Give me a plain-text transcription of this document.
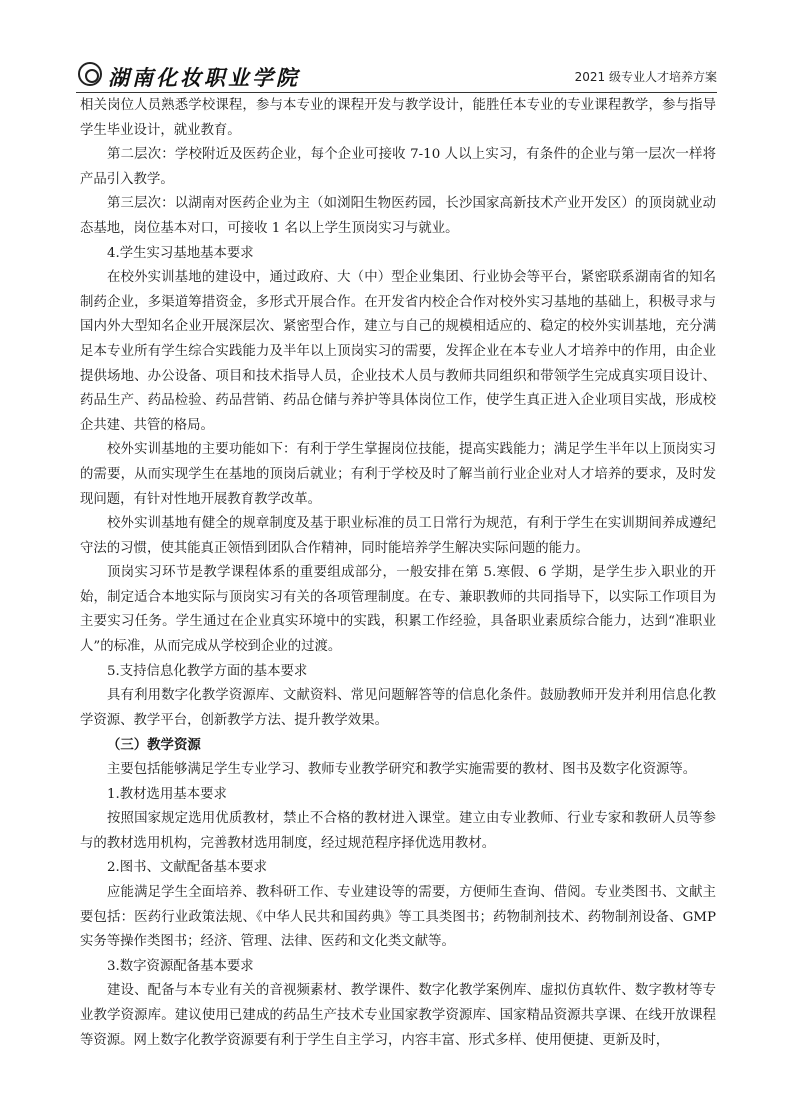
湖南化妆职业学院	2021 级专业人才培养方案

相关岗位人员熟悉学校课程，参与本专业的课程开发与教学设计，能胜任本专业的专业课程教学，参与指导学生毕业设计，就业教育。

第二层次：学校附近及医药企业，每个企业可接收 7-10 人以上实习，有条件的企业与第一层次一样将产品引入教学。

第三层次：以湖南对医药企业为主（如浏阳生物医药园，长沙国家高新技术产业开发区）的顶岗就业动态基地，岗位基本对口，可接收 1 名以上学生顶岗实习与就业。

4.学生实习基地基本要求

在校外实训基地的建设中，通过政府、大（中）型企业集团、行业协会等平台，紧密联系湖南省的知名制药企业，多渠道筹措资金，多形式开展合作。在开发省内校企合作对校外实习基地的基础上，积极寻求与国内外大型知名企业开展深层次、紧密型合作，建立与自己的规模相适应的、稳定的校外实训基地，充分满足本专业所有学生综合实践能力及半年以上顶岗实习的需要，发挥企业在本专业人才培养中的作用，由企业提供场地、办公设备、项目和技术指导人员，企业技术人员与教师共同组织和带领学生完成真实项目设计、药品生产、药品检验、药品营销、药品仓储与养护等具体岗位工作，使学生真正进入企业项目实战，形成校企共建、共管的格局。

校外实训基地的主要功能如下：有利于学生掌握岗位技能，提高实践能力；满足学生半年以上顶岗实习的需要，从而实现学生在基地的顶岗后就业；有利于学校及时了解当前行业企业对人才培养的要求，及时发现问题，有针对性地开展教育教学改革。

校外实训基地有健全的规章制度及基于职业标准的员工日常行为规范，有利于学生在实训期间养成遵纪守法的习惯，使其能真正领悟到团队合作精神，同时能培养学生解决实际问题的能力。

顶岗实习环节是教学课程体系的重要组成部分，一般安排在第 5.寒假、6 学期，是学生步入职业的开始，制定适合本地实际与顶岗实习有关的各项管理制度。在专、兼职教师的共同指导下，以实际工作项目为主要实习任务。学生通过在企业真实环境中的实践，积累工作经验，具备职业素质综合能力，达到“准职业人”的标准，从而完成从学校到企业的过渡。

5.支持信息化教学方面的基本要求

具有利用数字化教学资源库、文献资料、常见问题解答等的信息化条件。鼓励教师开发并利用信息化教学资源、教学平台，创新教学方法、提升教学效果。

（三）教学资源

主要包括能够满足学生专业学习、教师专业教学研究和教学实施需要的教材、图书及数字化资源等。

1.教材选用基本要求

按照国家规定选用优质教材，禁止不合格的教材进入课堂。建立由专业教师、行业专家和教研人员等参与的教材选用机构，完善教材选用制度，经过规范程序择优选用教材。

2.图书、文献配备基本要求

应能满足学生全面培养、教科研工作、专业建设等的需要，方便师生查询、借阅。专业类图书、文献主要包括：医药行业政策法规、《中华人民共和国药典》等工具类图书；药物制剂技术、药物制剂设备、GMP 实务等操作类图书；经济、管理、法律、医药和文化类文献等。

3.数字资源配备基本要求

建设、配备与本专业有关的音视频素材、教学课件、数字化教学案例库、虚拟仿真软件、数字教材等专业教学资源库。建议使用已建成的药品生产技术专业国家教学资源库、国家精品资源共享课、在线开放课程等资源。网上数字化教学资源要有利于学生自主学习，内容丰富、形式多样、使用便捷、更新及时，
